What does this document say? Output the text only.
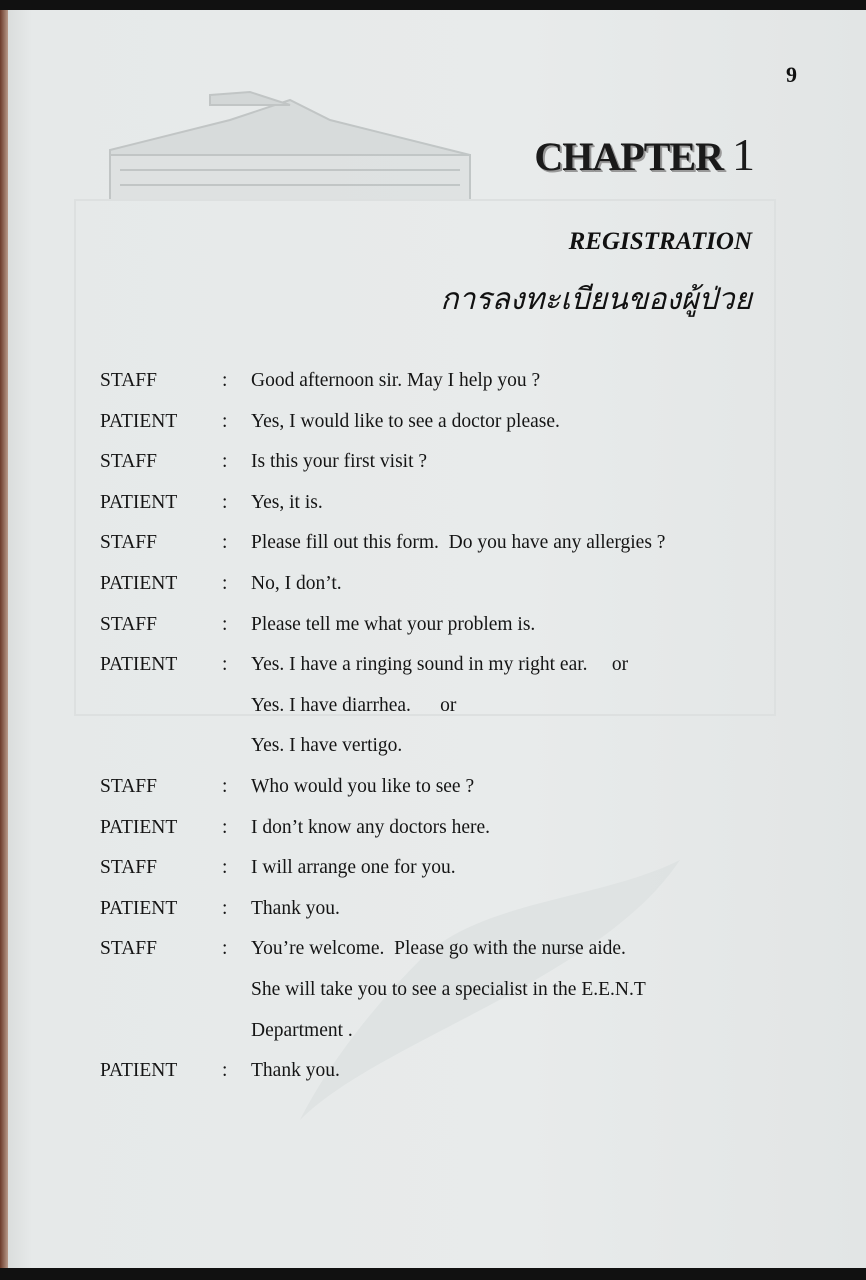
9
CHAPTER 1
REGISTRATION
การลงทะเบียนของผู้ป่วย
STAFF	: Good afternoon sir. May I help you ?
PATIENT : Yes, I would like to see a doctor please.
STAFF	: Is this your first visit ?
PATIENT : Yes, it is.
STAFF	: Please fill out this form.  Do you have any allergies ?
PATIENT : No, I don’t.
STAFF	: Please tell me what your problem is.
PATIENT : Yes. I have a ringing sound in my right ear.     or
Yes. I have diarrhea.      or
Yes. I have vertigo.
STAFF	: Who would you like to see ?
PATIENT : I don’t know any doctors here.
STAFF	: I will arrange one for you.
PATIENT : Thank you.
STAFF	: You’re welcome.  Please go with the nurse aide.
She will take you to see a specialist in the E.E.N.T
Department .
PATIENT : Thank you.
